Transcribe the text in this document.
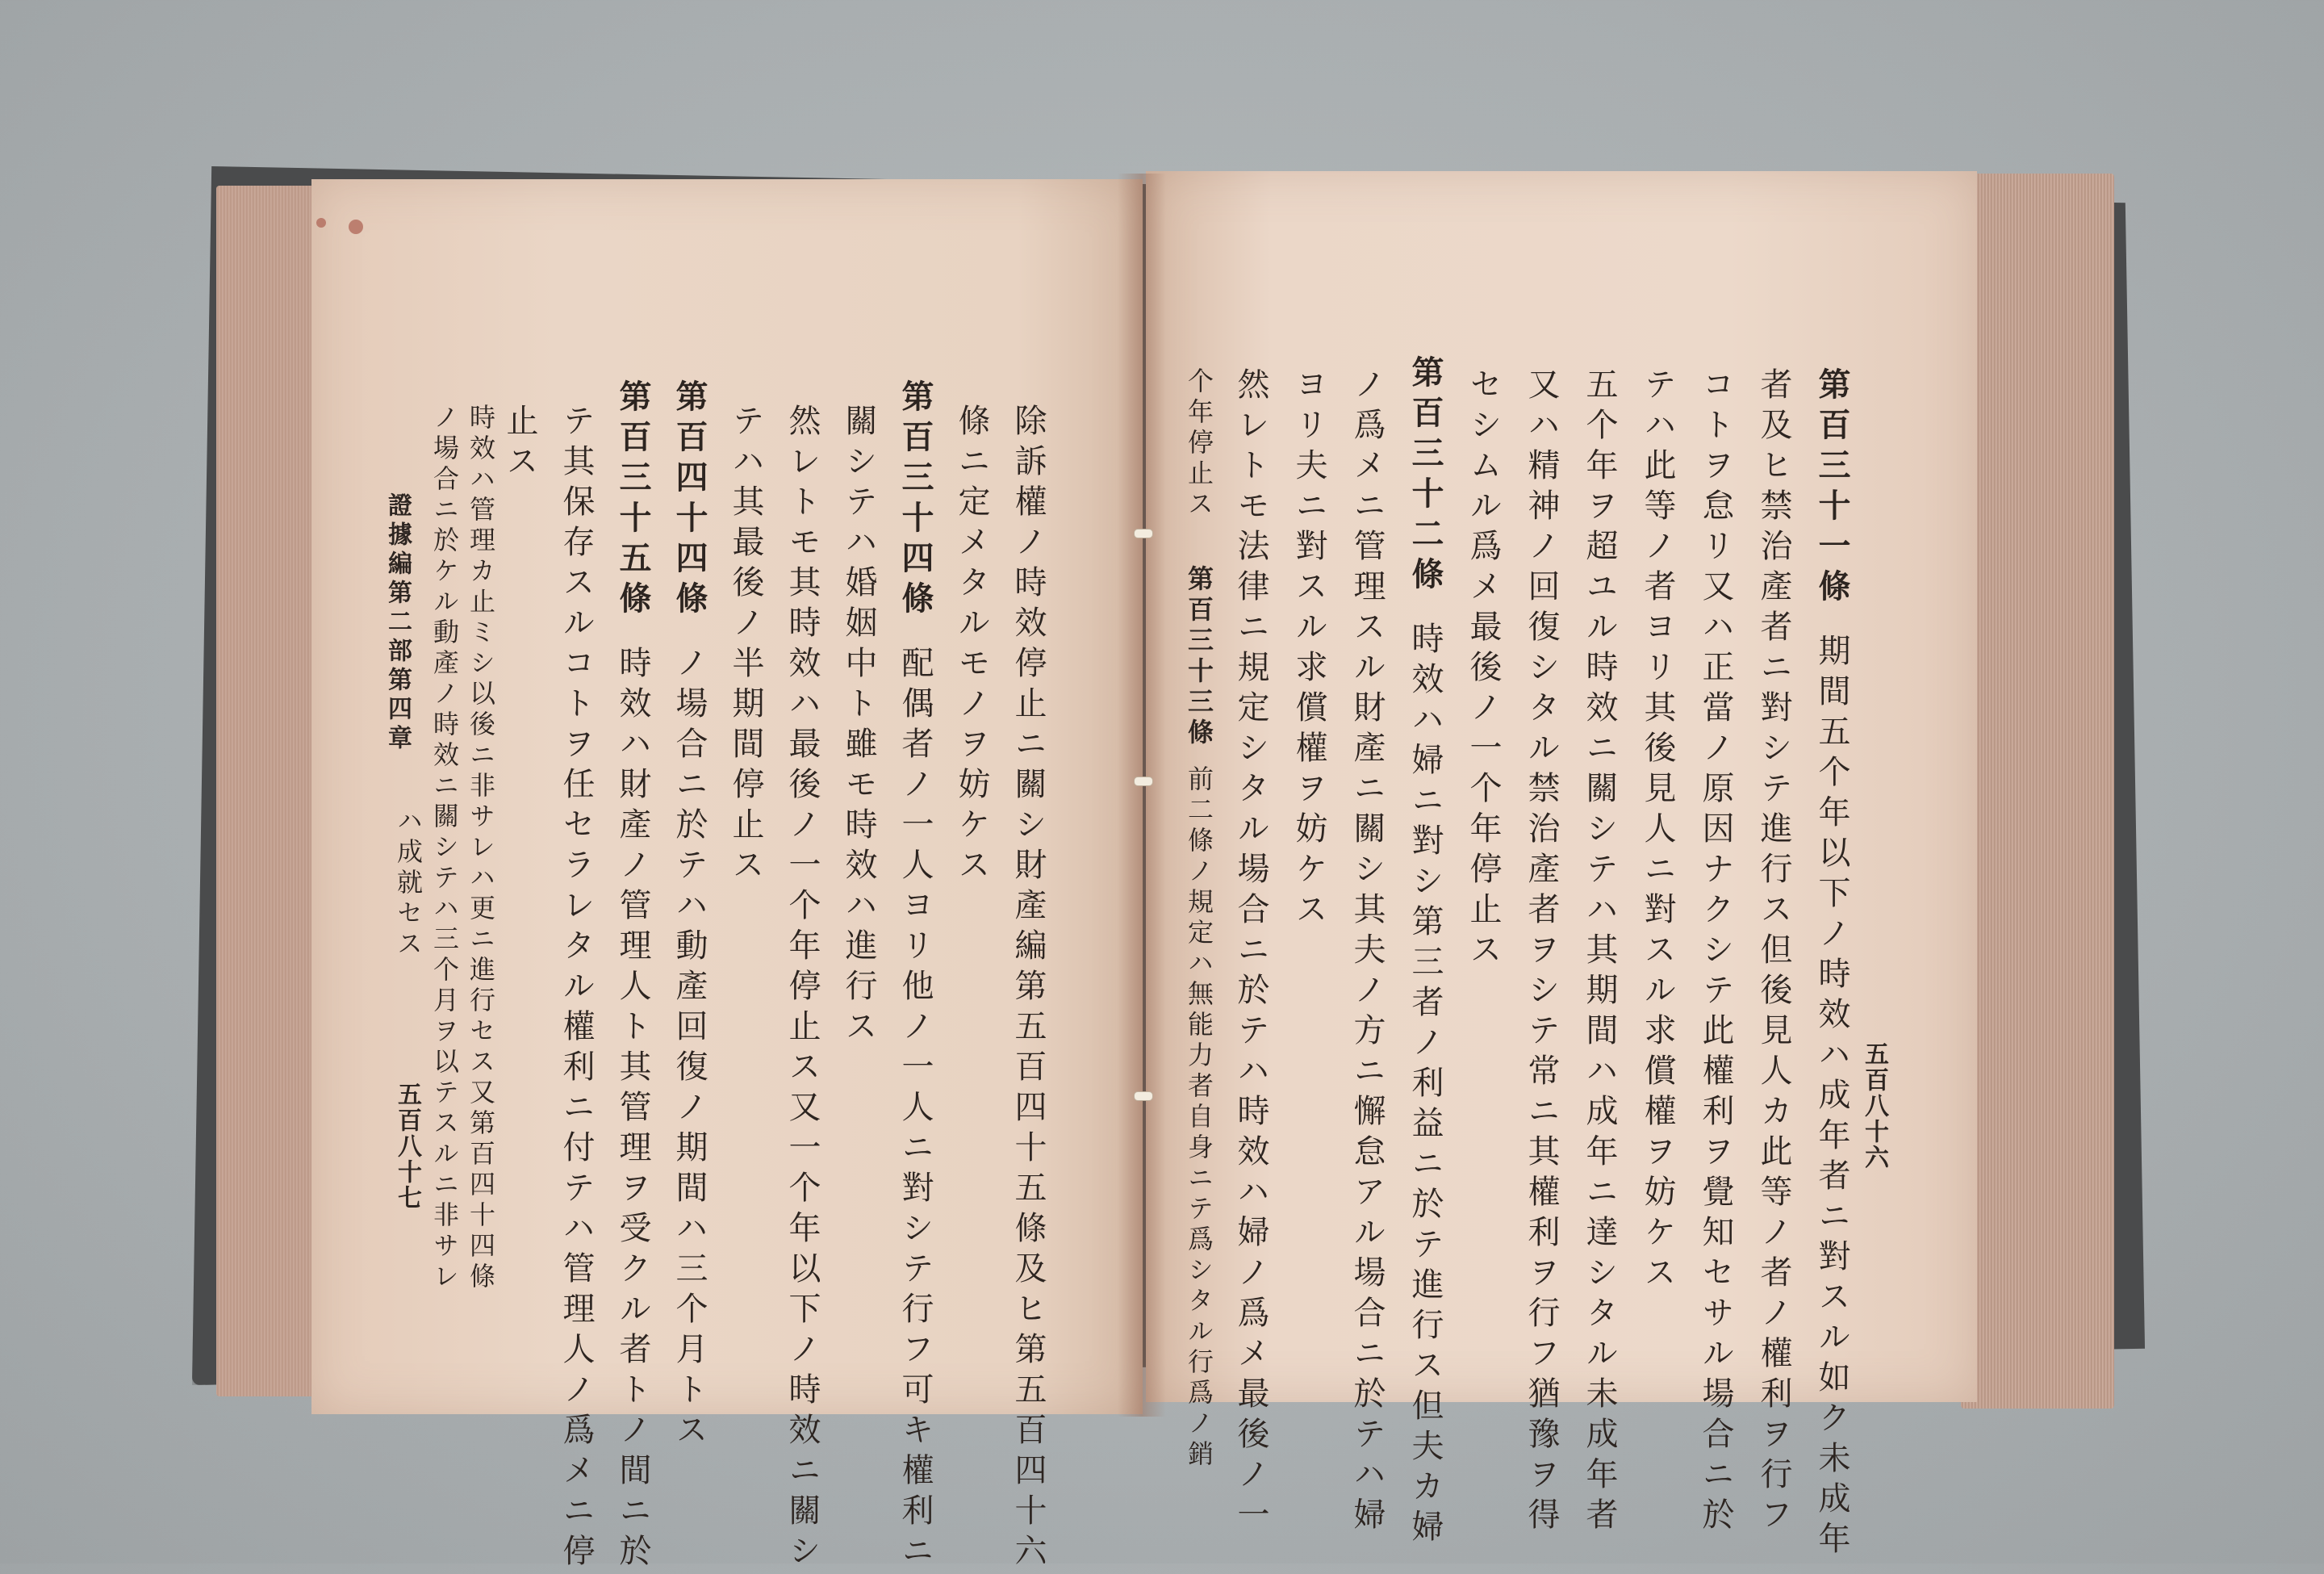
五百八十六
第百三十一條期間五个年以下ノ時效ハ成年者ニ對スル如ク未成年
者及ヒ禁治產者ニ對シテ進行ス但後見人カ此等ノ者ノ權利ヲ行フ
コトヲ怠リ又ハ正當ノ原因ナクシテ此權利ヲ覺知セサル場合ニ於
テハ此等ノ者ヨリ其後見人ニ對スル求償權ヲ妨ケス
五个年ヲ超ユル時效ニ關シテハ其期間ハ成年ニ達シタル未成年者
又ハ精神ノ回復シタル禁治產者ヲシテ常ニ其權利ヲ行フ猶豫ヲ得
セシムル爲メ最後ノ一个年停止ス
第百三十二條時效ハ婦ニ對シ第三者ノ利益ニ於テ進行ス但夫カ婦
ノ爲メニ管理スル財產ニ關シ其夫ノ方ニ懈怠アル場合ニ於テハ婦
ヨリ夫ニ對スル求償權ヲ妨ケス
然レトモ法律ニ規定シタル場合ニ於テハ時效ハ婦ノ爲メ最後ノ一
證據編第二部第四章
五百八十七	除訴權ノ時效停止ニ關シ財產編第五百四十五條及ヒ第五百四十六
條ニ定メタルモノヲ妨ケス
第百三十四條配偶者ノ一人ヨリ他ノ一人ニ對シテ行フ可キ權利ニ
關シテハ婚姻中ト雖モ時效ハ進行ス
然レトモ其時效ハ最後ノ一个年停止ス又一个年以下ノ時效ニ關シ
テハ其最後ノ半期間停止ス
第百四十四條ノ場合ニ於テハ動產回復ノ期間ハ三个月トス
第百三十五條時效ハ財產ノ管理人ト其管理ヲ受クル者トノ間ニ於
テ其保存スルコトヲ任セラレタル權利ニ付テハ管理人ノ爲メニ停
止ス	个年停止ス
第百三十三條前二條ノ規定ハ無能力者自身ニテ爲シタル行爲ノ銷
時效ハ管理カ止ミシ以後ニ非サレハ更ニ進行セス又第百四十四條
ノ場合ニ於ケル動產ノ時效ニ關シテハ三个月ヲ以テスルニ非サレ
ハ成就セス
